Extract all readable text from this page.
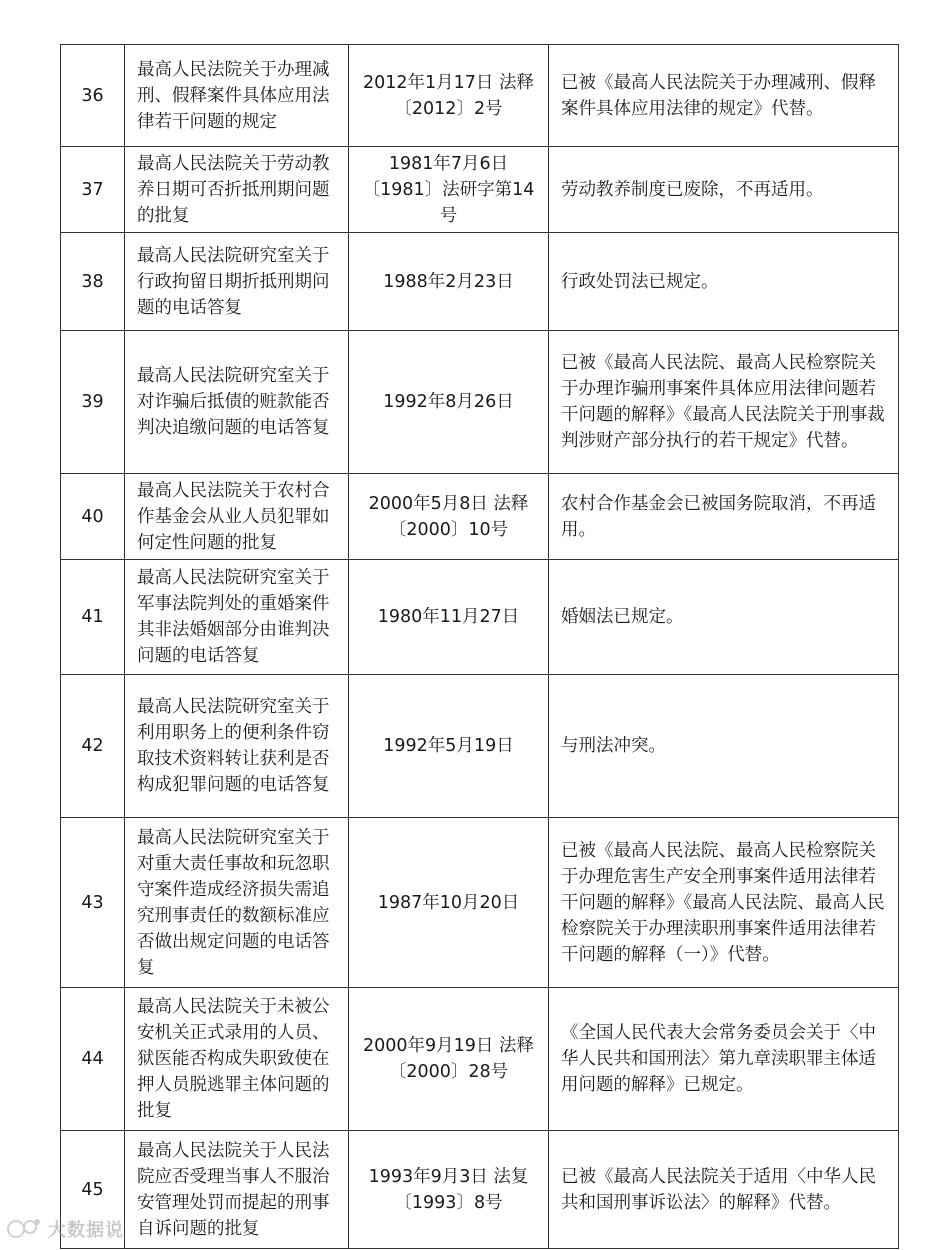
36	最高人民法院关于办理减刑、假释案件具体应用法律若干问题的规定	2012年1月17日 法释〔2012〕2号	已被《最高人民法院关于办理减刑、假释案件具体应用法律的规定》代替。
37	最高人民法院关于劳动教养日期可否折抵刑期问题的批复	1981年7月6日〔1981〕法研字第14号	劳动教养制度已废除，不再适用。
38	最高人民法院研究室关于行政拘留日期折抵刑期问题的电话答复	1988年2月23日	行政处罚法已规定。
39	最高人民法院研究室关于对诈骗后抵债的赃款能否判决追缴问题的电话答复	1992年8月26日	已被《最高人民法院、最高人民检察院关于办理诈骗刑事案件具体应用法律问题若干问题的解释》《最高人民法院关于刑事裁判涉财产部分执行的若干规定》代替。
40	最高人民法院关于农村合作基金会从业人员犯罪如何定性问题的批复	2000年5月8日 法释〔2000〕10号	农村合作基金会已被国务院取消，不再适用。
41	最高人民法院研究室关于军事法院判处的重婚案件其非法婚姻部分由谁判决问题的电话答复	1980年11月27日	婚姻法已规定。
42	最高人民法院研究室关于利用职务上的便利条件窃取技术资料转让获利是否构成犯罪问题的电话答复	1992年5月19日	与刑法冲突。
43	最高人民法院研究室关于对重大责任事故和玩忽职守案件造成经济损失需追究刑事责任的数额标准应否做出规定问题的电话答复	1987年10月20日	已被《最高人民法院、最高人民检察院关于办理危害生产安全刑事案件适用法律若干问题的解释》《最高人民法院、最高人民检察院关于办理渎职刑事案件适用法律若干问题的解释（一）》代替。
44	最高人民法院关于未被公安机关正式录用的人员、狱医能否构成失职致使在押人员脱逃罪主体问题的批复	2000年9月19日 法释〔2000〕28号	《全国人民代表大会常务委员会关于〈中华人民共和国刑法〉第九章渎职罪主体适用问题的解释》已规定。
45	最高人民法院关于人民法院应否受理当事人不服治安管理处罚而提起的刑事自诉问题的批复	1993年9月3日 法复〔1993〕8号	已被《最高人民法院关于适用〈中华人民共和国刑事诉讼法〉的解释》代替。
大数据说
